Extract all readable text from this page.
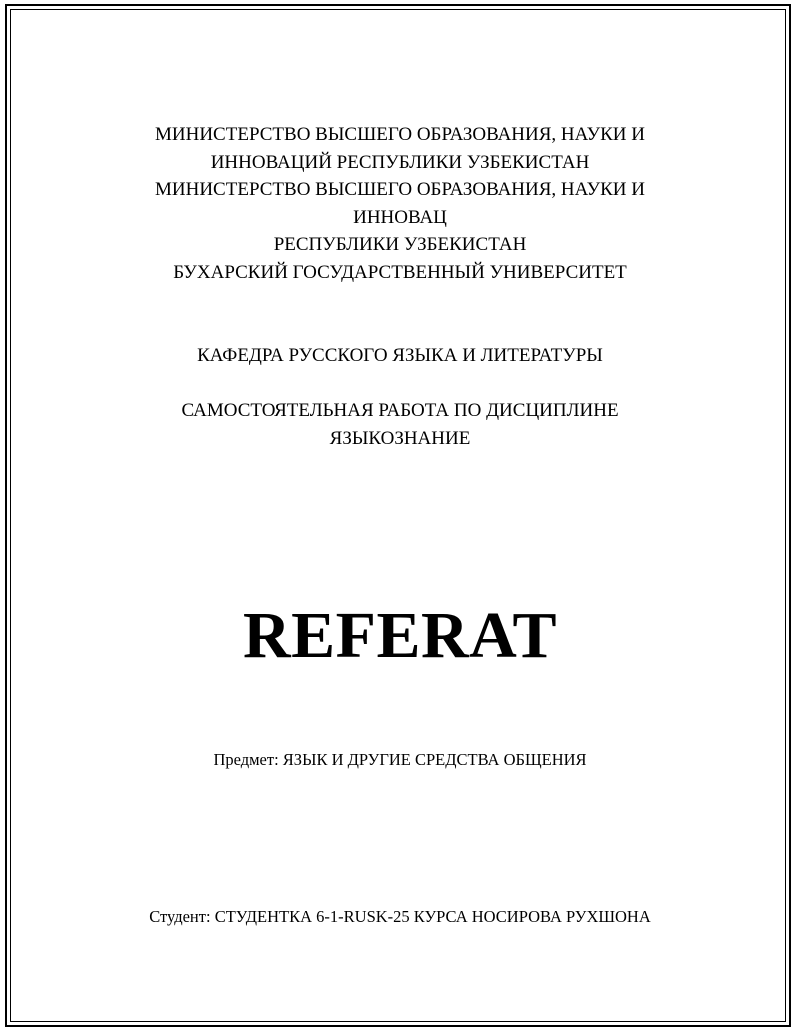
МИНИСТЕРСТВО ВЫСШЕГО ОБРАЗОВАНИЯ, НАУКИ И
ИННОВАЦИЙ РЕСПУБЛИКИ УЗБЕКИСТАН
МИНИСТЕРСТВО ВЫСШЕГО ОБРАЗОВАНИЯ, НАУКИ И
ИННОВАЦ
РЕСПУБЛИКИ УЗБЕКИСТАН
БУХАРСКИЙ ГОСУДАРСТВЕННЫЙ УНИВЕРСИТЕТ
КАФЕДРА РУССКОГО ЯЗЫКА И ЛИТЕРАТУРЫ
САМОСТОЯТЕЛЬНАЯ РАБОТА ПО ДИСЦИПЛИНЕ
ЯЗЫКОЗНАНИЕ
REFERAT
Предмет: ЯЗЫК И ДРУГИЕ СРЕДСТВА ОБЩЕНИЯ
Студент: СТУДЕНТКА 6-1-RUSK-25 КУРСА НОСИРОВА РУХШОНА
